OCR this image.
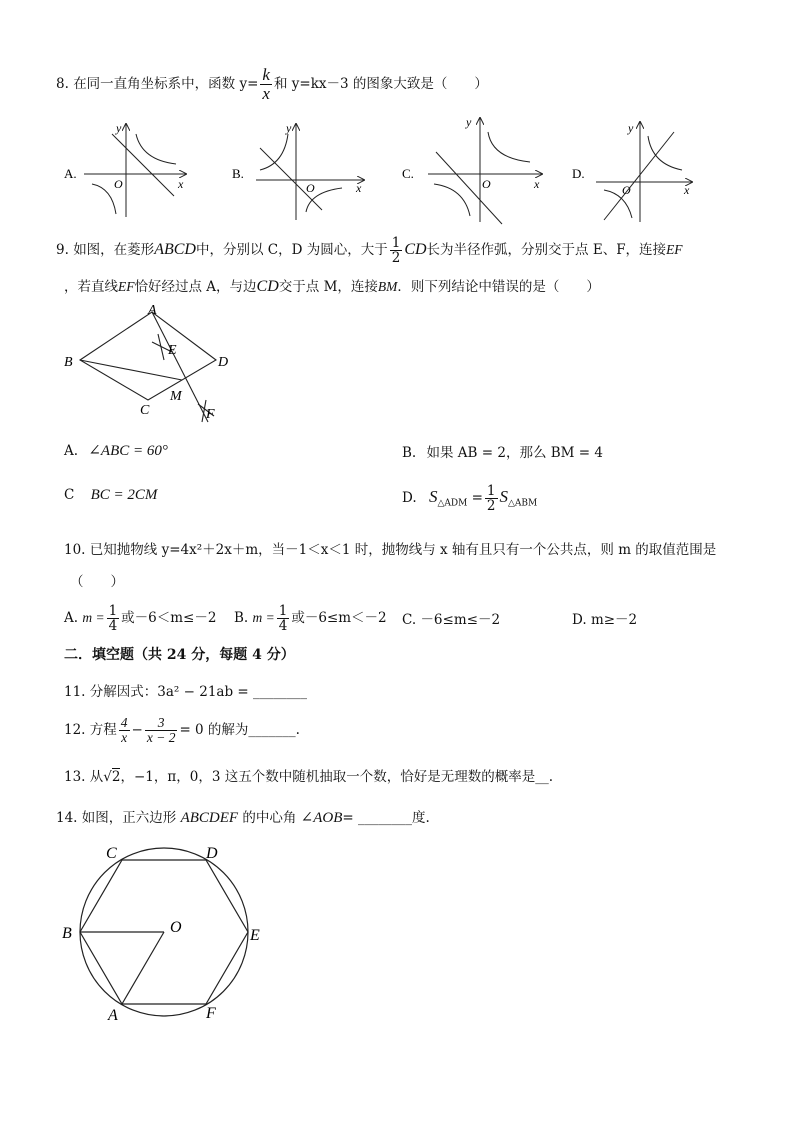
8. 在同一直角坐标系中，函数 $y= \frac{k}{x}$ 和 y=kx－3 的图象大致是（　　）
A.
y
x
O
B.
y
x
O
C.
y
x
O
D.
y
x
O
9. 如图，在菱形ABCD中，分别以 C，D 为圆心，大于 $\frac{1}{2}$ CD长为半径作弧，分别交于点 E、F，连接EF
，若直线EF恰好经过点 A，与边CD交于点 M，连接BM．则下列结论中错误的是（　　）
A
B	D
E
C
M
F
A. ∠ABC = 60°	B. 如果 AB = 2，那么 BM = 4
C BC = 2CM	D. $S_{\triangle ADM} = \frac{1}{2} S_{\triangle ABM}$
10. 已知抛物线 y=4x²＋2x＋m，当－1＜x＜1 时，抛物线与 x 轴有且只有一个公共点，则 m 的取值范围是
（　　）
A. $m = \frac{1}{4}$ 或－6＜m≤－2 B. $m = \frac{1}{4}$ 或－6≤m＜－2 C. －6≤m≤－2	D. m≥－2
二．填空题（共 24 分，每题 4 分）
11. 分解因式：3a² − 21ab = ________
12. 方程 $\frac{4}{x} - \frac{3}{x - 2} = 0$ 的解为_______.
13. 从√2，−1，π，0，3 这五个数中随机抽取一个数，恰好是无理数的概率是__.
14. 如图，正六边形 ABCDEF 的中心角 ∠AOB= ________度.
C	D
B	O	E
A	F
